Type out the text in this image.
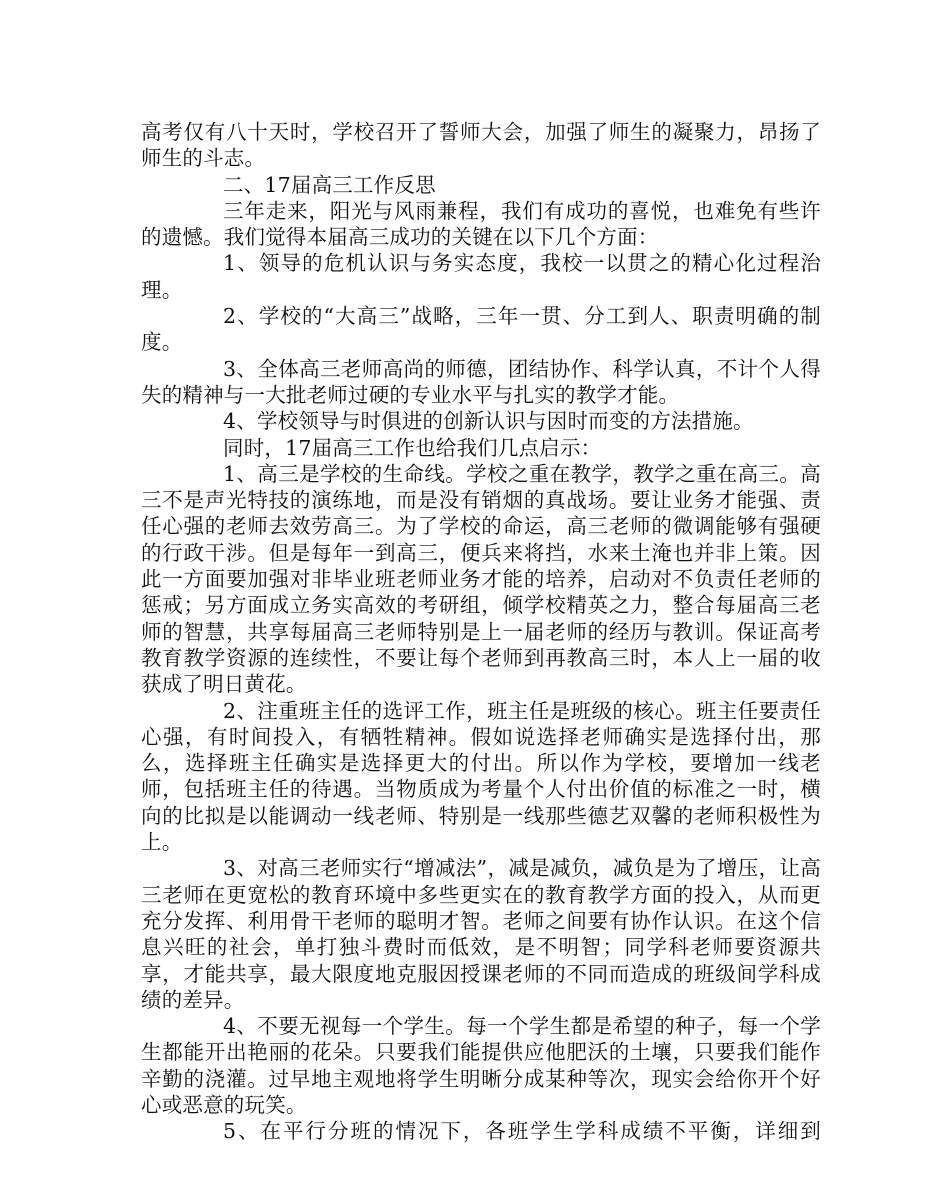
高考仅有八十天时，学校召开了誓师大会，加强了师生的凝聚力，昂扬了师生的斗志。

二、17届高三工作反思

三年走来，阳光与风雨兼程，我们有成功的喜悦，也难免有些许的遗憾。我们觉得本届高三成功的关键在以下几个方面：

1、领导的危机认识与务实态度，我校一以贯之的精心化过程治理。

2、学校的“大高三”战略，三年一贯、分工到人、职责明确的制度。

3、全体高三老师高尚的师德，团结协作、科学认真，不计个人得失的精神与一大批老师过硬的专业水平与扎实的教学才能。

4、学校领导与时俱进的创新认识与因时而变的方法措施。

同时，17届高三工作也给我们几点启示：

1、高三是学校的生命线。学校之重在教学，教学之重在高三。高三不是声光特技的演练地，而是没有销烟的真战场。要让业务才能强、责任心强的老师去效劳高三。为了学校的命运，高三老师的微调能够有强硬的行政干涉。但是每年一到高三，便兵来将挡，水来土淹也并非上策。因此一方面要加强对非毕业班老师业务才能的培养，启动对不负责任老师的惩戒；另方面成立务实高效的考研组，倾学校精英之力，整合每届高三老师的智慧，共享每届高三老师特别是上一届老师的经历与教训。保证高考教育教学资源的连续性，不要让每个老师到再教高三时，本人上一届的收获成了明日黄花。

2、注重班主任的选评工作，班主任是班级的核心。班主任要责任心强，有时间投入，有牺牲精神。假如说选择老师确实是选择付出，那么，选择班主任确实是选择更大的付出。所以作为学校，要增加一线老师，包括班主任的待遇。当物质成为考量个人付出价值的标准之一时，横向的比拟是以能调动一线老师、特别是一线那些德艺双馨的老师积极性为上。

3、对高三老师实行“增减法”，减是减负，减负是为了增压，让高三老师在更宽松的教育环境中多些更实在的教育教学方面的投入，从而更充分发挥、利用骨干老师的聪明才智。老师之间要有协作认识。在这个信息兴旺的社会，单打独斗费时而低效，是不明智；同学科老师要资源共享，才能共享，最大限度地克服因授课老师的不同而造成的班级间学科成绩的差异。

4、不要无视每一个学生。每一个学生都是希望的种子，每一个学生都能开出艳丽的花朵。只要我们能提供应他肥沃的土壤，只要我们能作辛勤的浇灌。过早地主观地将学生明晰分成某种等次，现实会给你开个好心或恶意的玩笑。

5、在平行分班的情况下，各班学生学科成绩不平衡，详细到
